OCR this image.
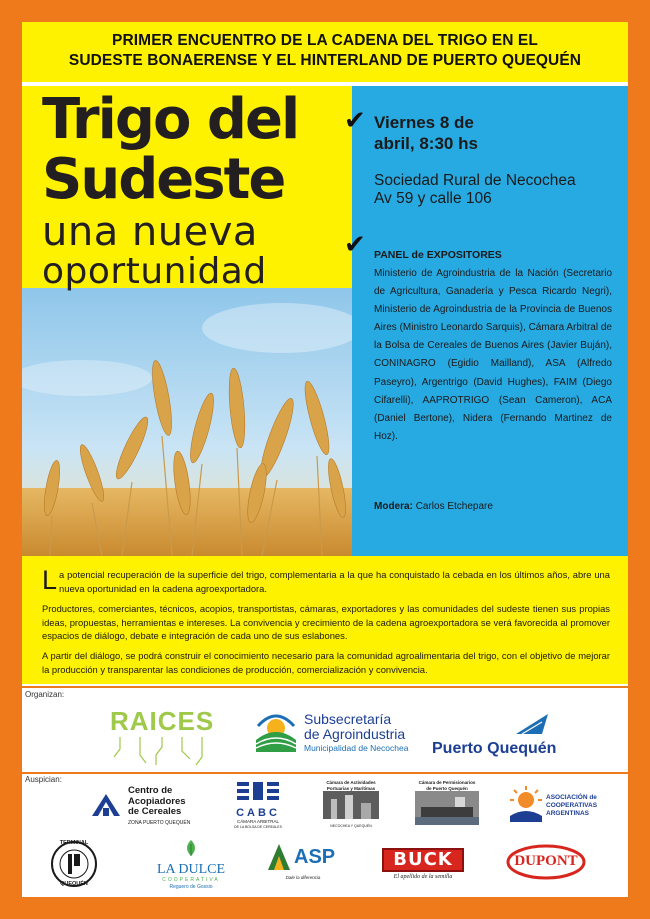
PRIMER ENCUENTRO DE LA CADENA DEL TRIGO EN EL
SUDESTE BONAERENSE Y EL HINTERLAND DE PUERTO QUEQUÉN
Trigo del
Sudeste
una nueva
oportunidad
✔ Viernes 8 de
abril, 8:30 hs
Sociedad Rural de Necochea
Av 59 y calle 106
✔ PANEL de EXPOSITORES
Ministerio de Agroindustria de la Nación (Secretario de Agricultura, Ganadería y Pesca Ricardo Negri), Ministerio de Agroindustria de la Provincia de Buenos Aires (Ministro Leonardo Sarquis), Cámara Arbitral de la Bolsa de Cereales de Buenos Aires (Javier Buján), CONINAGRO (Egidio Mailland), ASA (Alfredo Paseyro), Argentrigo (David Hughes), FAIM (Diego Cifarelli), AAPROTRIGO (Sean Cameron), ACA (Daniel Bertone), Nidera (Fernando Martinez de Hoz).
Modera: Carlos Etchepare
L a potencial recuperación de la superficie del trigo, complementaria a la que ha conquistado la cebada en los últimos años, abre una nueva oportunidad en la cadena agroexportadora.
Productores, comerciantes, técnicos, acopios, transportistas, cámaras, exportadores y las comunidades del sudeste tienen sus propias ideas, propuestas, herramientas e intereses. La convivencia y crecimiento de la cadena agroexportadora se verá favorecida al promover espacios de diálogo, debate e integración de cada uno de sus eslabones.
A partir del diálogo, se podrá construir el conocimiento necesario para la comunidad agroalimentaria del trigo, con el objetivo de mejorar la producción y transparentar las condiciones de producción, comercialización y convivencia.
Organizan:
RAICES	Subsecretaría
de Agroindustria
Municipalidad de Necochea Puerto Quequén
Auspician:
Centro de
Acopiadores
de Cereales
ZONA PUERTO QUEQUÉN
CABC
CÁMARA ARBITRAL
DE LA BOLSA DE CEREALES
Cámara de Actividades
Portuarias y Marítimas
NECOCHEA Y QUEQUÉN
Cámara de Permisionarios
de Puerto Quequén
ASOCIACIÓN de
COOPERATIVAS
ARGENTINAS
TERMINAL
QUEQUÉN
LA DULCE
COOPERATIVA
Reguero de Gossio
ASP
Dale la diferencia
BUCK
El apellido de la semilla
DUPONT
